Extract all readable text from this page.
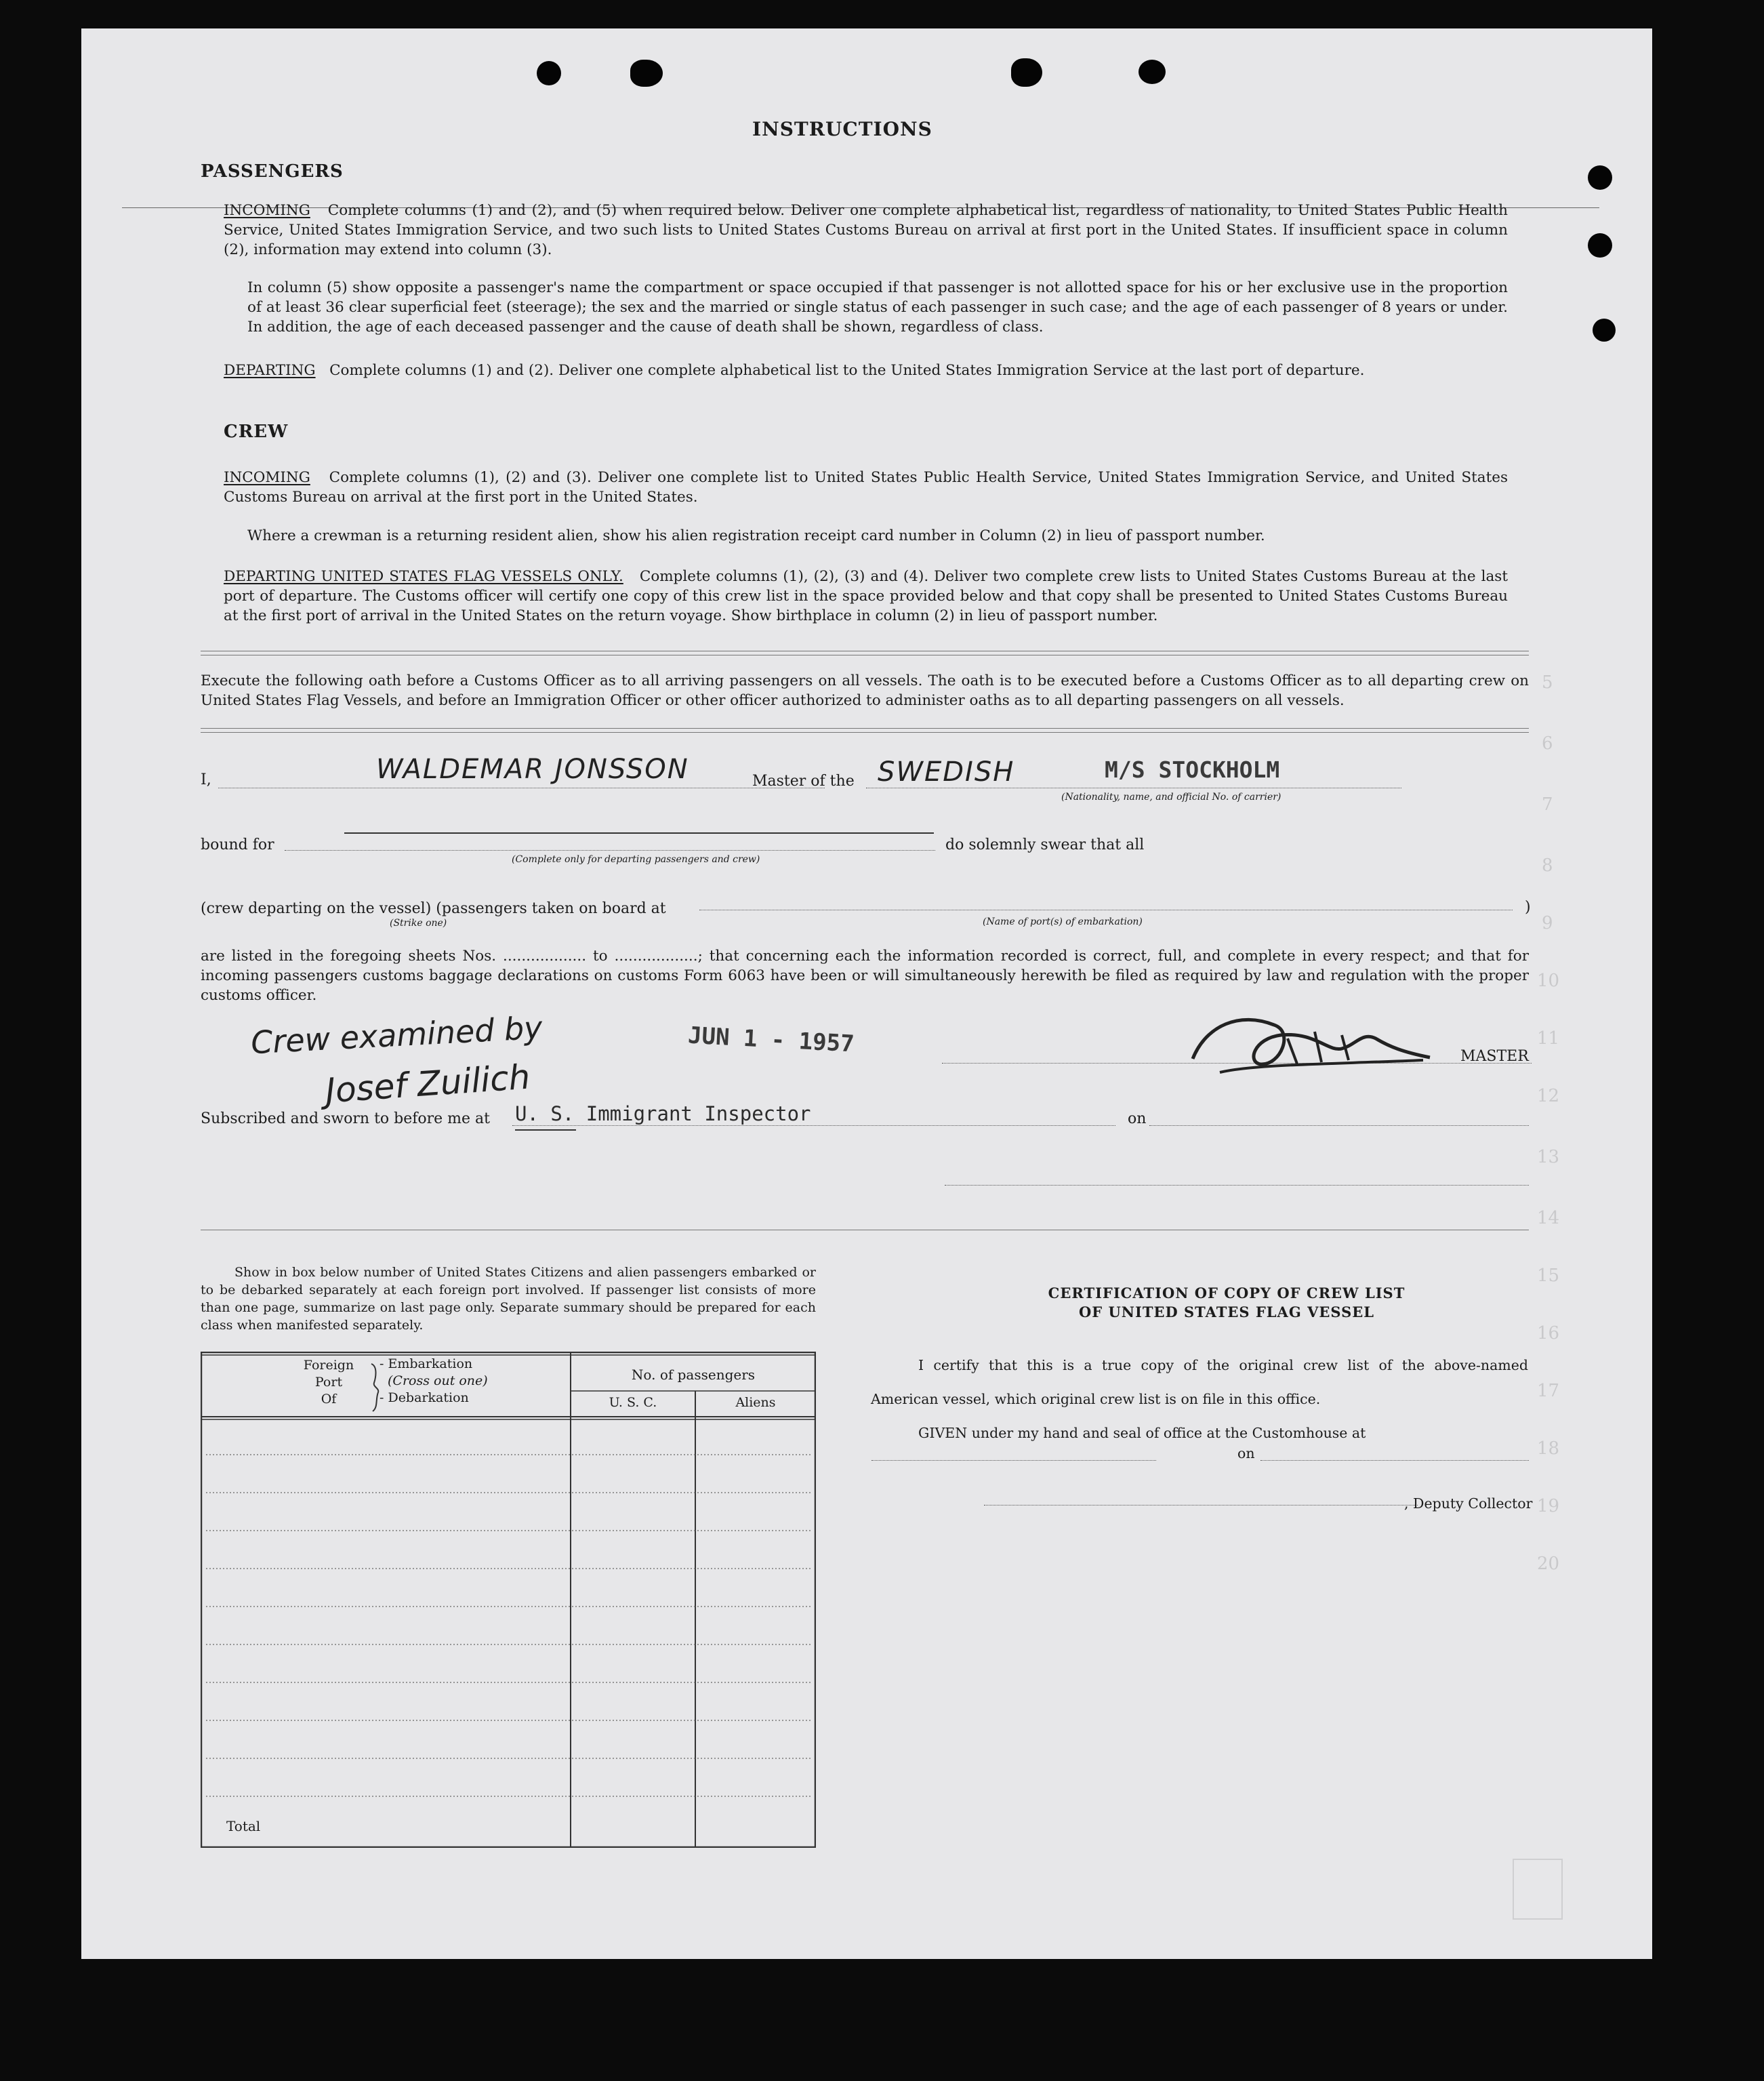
5
6
7
8
9
10
11
12
13
14
15
16
17
18
19
20
INSTRUCTIONS
PASSENGERS
INCOMING Complete columns (1) and (2), and (5) when required below. Deliver one complete alphabetical list, regardless of nationality, to United States Public Health Service, United States Immigration Service, and two such lists to United States Customs Bureau on arrival at first port in the United States. If insufficient space in column (2), information may extend into column (3).
In column (5) show opposite a passenger's name the compartment or space occupied if that passenger is not allotted space for his or her exclusive use in the proportion of at least 36 clear superficial feet (steerage); the sex and the married or single status of each passenger in such case; and the age of each passenger of 8 years or under. In addition, the age of each deceased passenger and the cause of death shall be shown, regardless of class.
DEPARTING Complete columns (1) and (2). Deliver one complete alphabetical list to the United States Immigration Service at the last port of departure.
CREW
INCOMING Complete columns (1), (2) and (3). Deliver one complete list to United States Public Health Service, United States Immigration Service, and United States Customs Bureau on arrival at the first port in the United States.
Where a crewman is a returning resident alien, show his alien registration receipt card number in Column (2) in lieu of passport number.
DEPARTING UNITED STATES FLAG VESSELS ONLY. Complete columns (1), (2), (3) and (4). Deliver two complete crew lists to United States Customs Bureau at the last port of departure. The Customs officer will certify one copy of this crew list in the space provided below and that copy shall be presented to United States Customs Bureau at the first port of arrival in the United States on the return voyage. Show birthplace in column (2) in lieu of passport number.
Execute the following oath before a Customs Officer as to all arriving passengers on all vessels. The oath is to be executed before a Customs Officer as to all departing crew on United States Flag Vessels, and before an Immigration Officer or other officer authorized to administer oaths as to all departing passengers on all vessels.
I,	WALDEMAR JONSSON	Master of the SWEDISH	M/S STOCKHOLM
(Nationality, name, and official No. of carrier)
bound for
(Complete only for departing passengers and crew)
do solemnly swear that all
(crew departing on the vessel) (passengers taken on board at
(Strike one)	(Name of port(s) of embarkation)
)
are listed in the foregoing sheets Nos. .................. to ..................; that concerning each the information recorded is correct, full, and complete in every respect; and that for incoming passengers customs baggage declarations on customs Form 6063 have been or will simultaneously herewith be filed as required by law and regulation with the proper customs officer.
Crew examined by
Josef Zuilich
JUN 1 - 1957	MASTER
Subscribed and sworn to before me at U. S. Immigrant Inspector	on
Show in box below number of United States Citizens and alien passengers embarked or to be debarked separately at each foreign port involved. If passenger list consists of more than one page, summarize on last page only. Separate summary should be prepared for each class when manifested separately.
Foreign
Port
Of
- Embarkation
(Cross out one)
- Debarkation
No. of passengers
U. S. C.	Aliens
Total
CERTIFICATION OF COPY OF CREW LIST
OF UNITED STATES FLAG VESSEL
I certify that this is a true copy of the original crew list of the above-named
American vessel, which original crew list is on file in this office.
GIVEN under my hand and seal of office at the Customhouse at
on
, Deputy Collector
